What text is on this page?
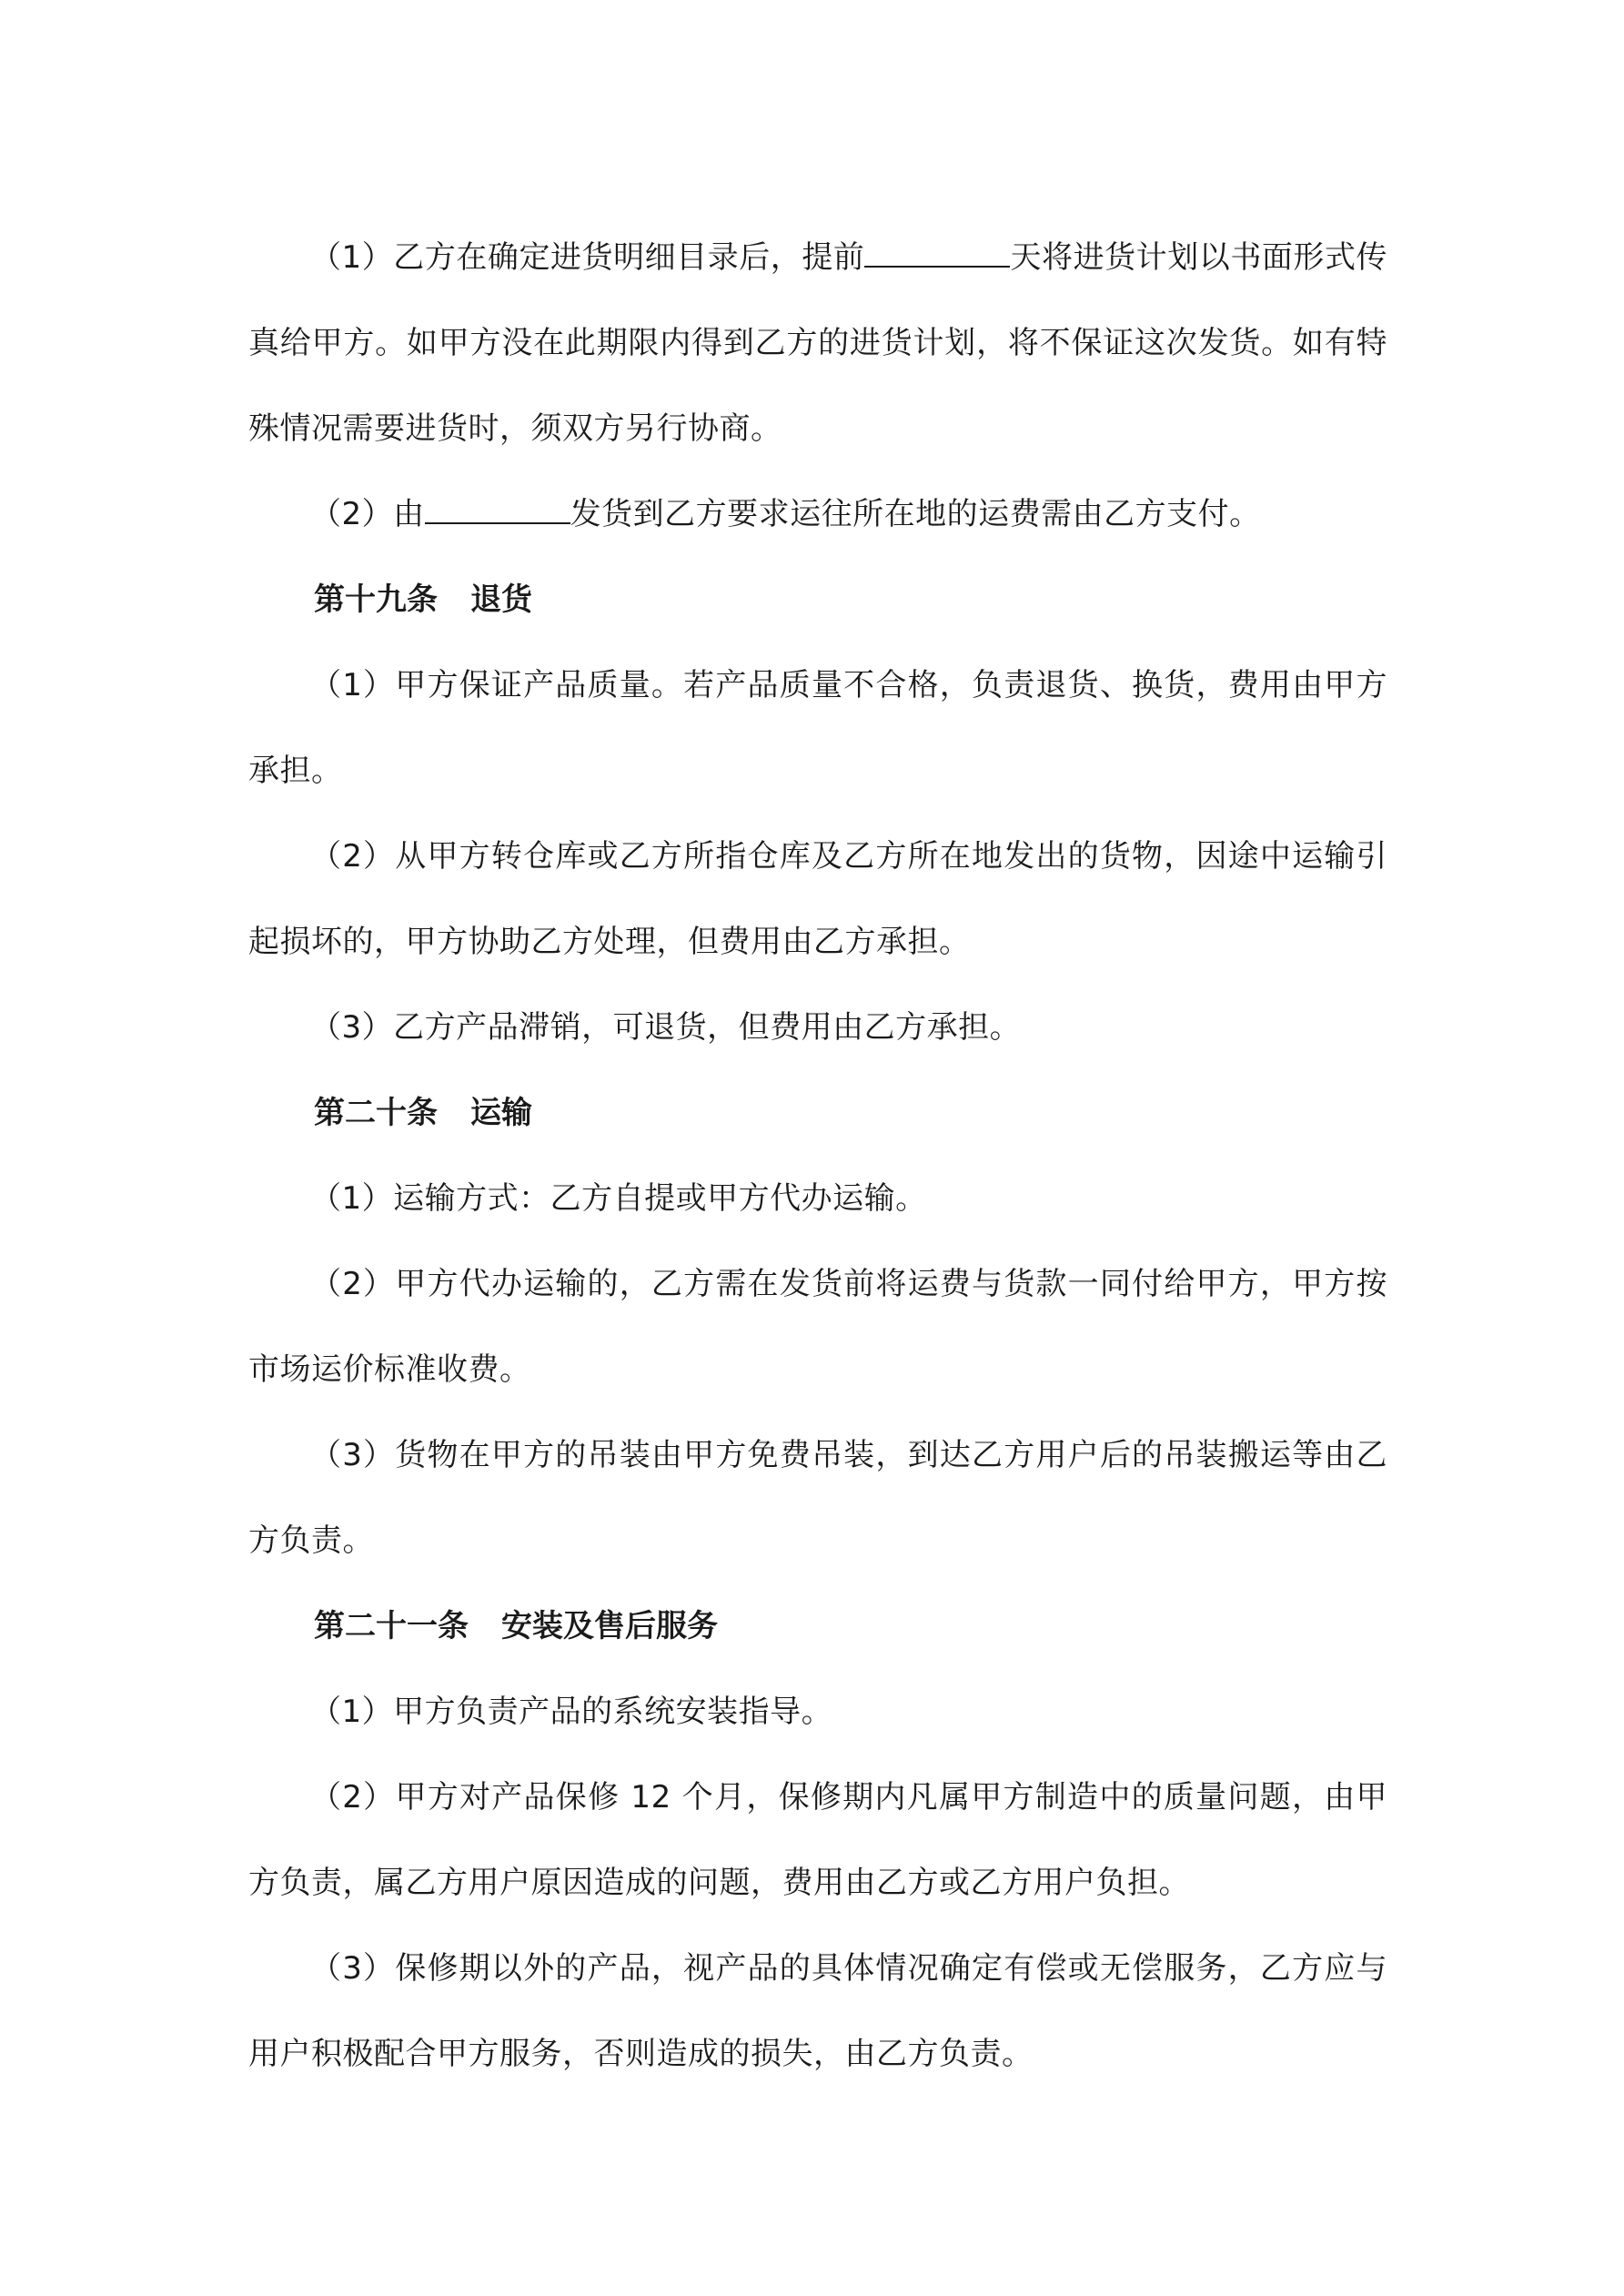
（1）乙方在确定进货明细目录后，提前	天将进货计划以书面形式传真给甲方。如甲方没在此期限内得到乙方的进货计划，将不保证这次发货。如有特殊情况需要进货时，须双方另行协商。

（2）由	发货到乙方要求运往所在地的运费需由乙方支付。

第十九条 退货

（1）甲方保证产品质量。若产品质量不合格，负责退货、换货，费用由甲方承担。

（2）从甲方转仓库或乙方所指仓库及乙方所在地发出的货物，因途中运输引起损坏的，甲方协助乙方处理，但费用由乙方承担。

（3）乙方产品滞销，可退货，但费用由乙方承担。

第二十条 运输

（1）运输方式：乙方自提或甲方代办运输。

（2）甲方代办运输的，乙方需在发货前将运费与货款一同付给甲方，甲方按市场运价标准收费。

（3）货物在甲方的吊装由甲方免费吊装，到达乙方用户后的吊装搬运等由乙方负责。

第二十一条 安装及售后服务

（1）甲方负责产品的系统安装指导。

（2）甲方对产品保修 12 个月，保修期内凡属甲方制造中的质量问题，由甲方负责，属乙方用户原因造成的问题，费用由乙方或乙方用户负担。

（3）保修期以外的产品，视产品的具体情况确定有偿或无偿服务，乙方应与用户积极配合甲方服务，否则造成的损失，由乙方负责。
